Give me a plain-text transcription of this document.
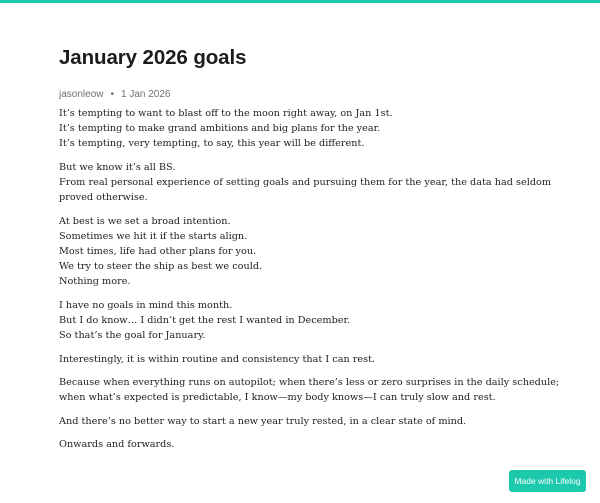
January 2026 goals
jasonleow • 1 Jan 2026

It’s tempting to want to blast off to the moon right away, on Jan 1st.
It’s tempting to make grand ambitions and big plans for the year.
It’s tempting, very tempting, to say, this year will be different.

But we know it’s all BS.
From real personal experience of setting goals and pursuing them for the year, the data had seldom
proved otherwise.

At best is we set a broad intention.
Sometimes we hit it if the starts align.
Most times, life had other plans for you.
We try to steer the ship as best we could.
Nothing more.

I have no goals in mind this month.
But I do know… I didn’t get the rest I wanted in December.
So that’s the goal for January.

Interestingly, it is within routine and consistency that I can rest.

Because when everything runs on autopilot; when there’s less or zero surprises in the daily schedule;
when what’s expected is predictable, I know—my body knows—I can truly slow and rest.

And there’s no better way to start a new year truly rested, in a clear state of mind.

Onwards and forwards.

Made with Lifelog
